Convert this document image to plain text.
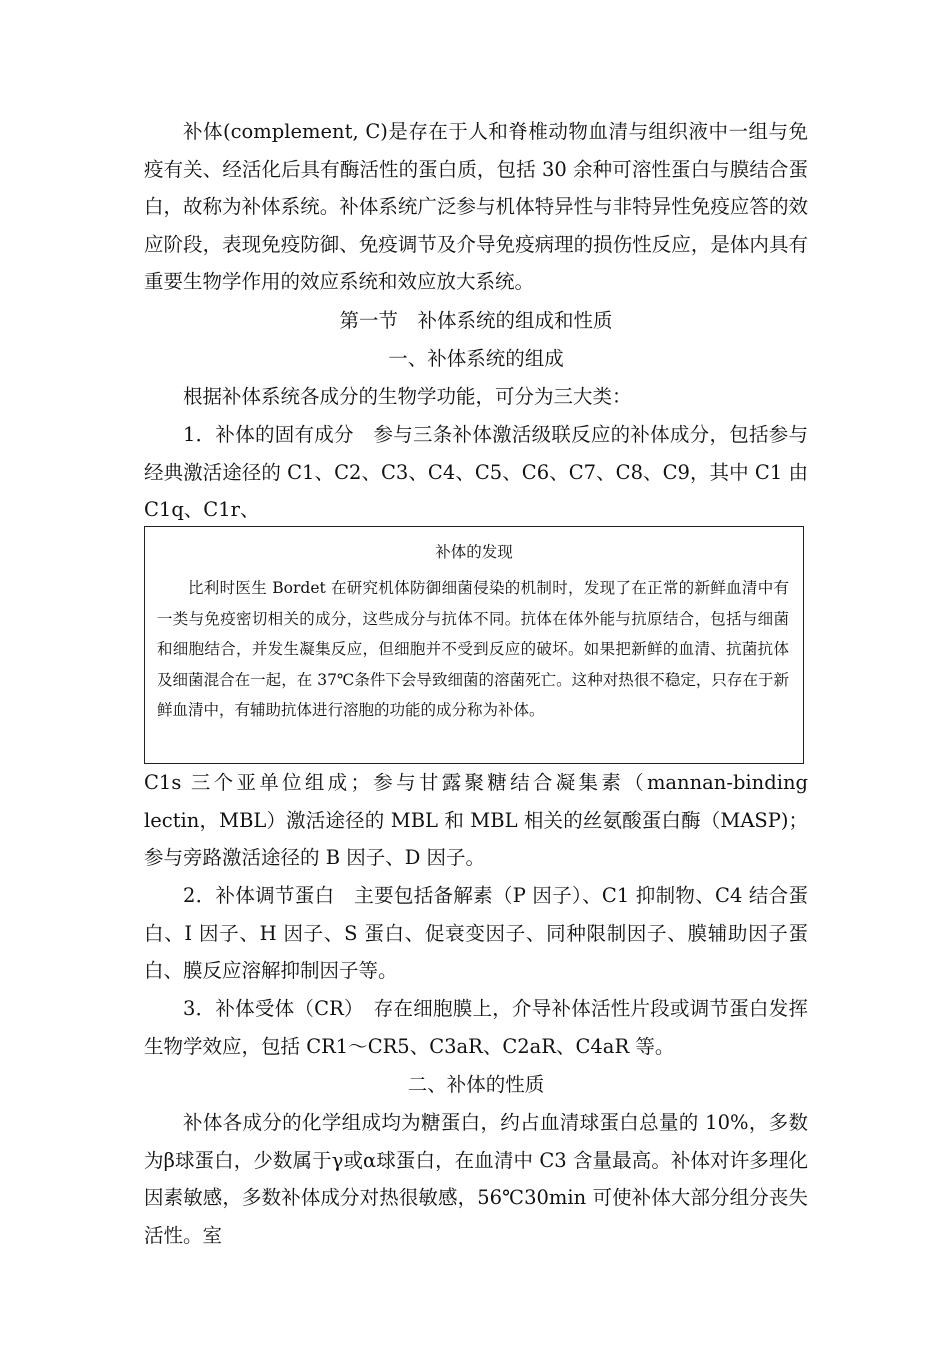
补体(complement, C)是存在于人和脊椎动物血清与组织液中一组与免疫有关、经活化后具有酶活性的蛋白质，包括 30 余种可溶性蛋白与膜结合蛋白，故称为补体系统。补体系统广泛参与机体特异性与非特异性免疫应答的效应阶段，表现免疫防御、免疫调节及介导免疫病理的损伤性反应，是体内具有重要生物学作用的效应系统和效应放大系统。

第一节　补体系统的组成和性质

一、补体系统的组成

根据补体系统各成分的生物学功能，可分为三大类：

1．补体的固有成分　参与三条补体激活级联反应的补体成分，包括参与经典激活途径的 C1、C2、C3、C4、C5、C6、C7、C8、C9，其中 C1 由 C1q、C1r、

补体的发现

比利时医生 Bordet 在研究机体防御细菌侵染的机制时，发现了在正常的新鲜血清中有一类与免疫密切相关的成分，这些成分与抗体不同。抗体在体外能与抗原结合，包括与细菌和细胞结合，并发生凝集反应，但细胞并不受到反应的破坏。如果把新鲜的血清、抗菌抗体及细菌混合在一起，在 37℃条件下会导致细菌的溶菌死亡。这种对热很不稳定，只存在于新鲜血清中，有辅助抗体进行溶胞的功能的成分称为补体。

C1s 三个亚单位组成；参与甘露聚糖结合凝集素（mannan-binding lectin，MBL）激活途径的 MBL 和 MBL 相关的丝氨酸蛋白酶（MASP)；参与旁路激活途径的 B 因子、D 因子。

2．补体调节蛋白　主要包括备解素（P 因子）、C1 抑制物、C4 结合蛋白、I 因子、H 因子、S 蛋白、促衰变因子、同种限制因子、膜辅助因子蛋白、膜反应溶解抑制因子等。

3．补体受体（CR）　存在细胞膜上，介导补体活性片段或调节蛋白发挥生物学效应，包括 CR1～CR5、C3aR、C2aR、C4aR 等。

二、补体的性质

补体各成分的化学组成均为糖蛋白，约占血清球蛋白总量的 10%，多数为β球蛋白，少数属于γ或α球蛋白，在血清中 C3 含量最高。补体对许多理化因素敏感，多数补体成分对热很敏感，56℃30min 可使补体大部分组分丧失活性。室
